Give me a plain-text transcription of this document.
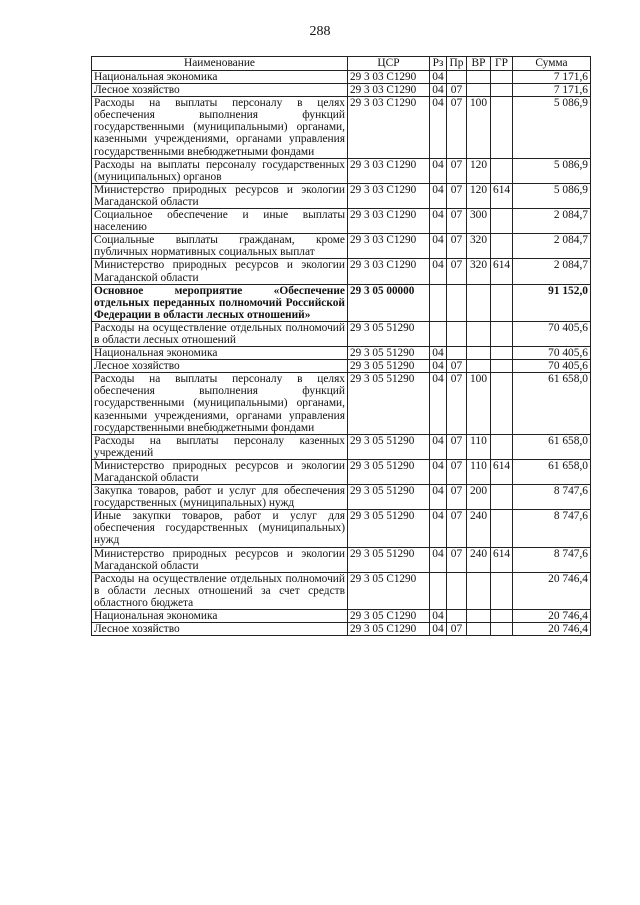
288
Наименование	ЦСР	Рз	Пр	ВР	ГР	Сумма
Национальная экономика	29 3 03 С1290	04				7 171,6
Лесное хозяйство	29 3 03 С1290	04	07			7 171,6
Расходы на выплаты персоналу в целях обеспечения выполнения функций государственными (муниципальными) органами, казенными учреждениями, органами управления государственными внебюджетными фондами	29 3 03 С1290	04	07	100		5 086,9
Расходы на выплаты персоналу государственных (муниципальных) органов	29 3 03 С1290	04	07	120		5 086,9
Министерство природных ресурсов и экологии Магаданской области	29 3 03 С1290	04	07	120	614	5 086,9
Социальное обеспечение и иные выплаты населению	29 3 03 С1290	04	07	300		2 084,7
Социальные выплаты гражданам, кроме публичных нормативных социальных выплат	29 3 03 С1290	04	07	320		2 084,7
Министерство природных ресурсов и экологии Магаданской области	29 3 03 С1290	04	07	320	614	2 084,7
Основное мероприятие «Обеспечение отдельных переданных полномочий Российской Федерации в области лесных отношений»	29 3 05 00000					91 152,0
Расходы на осуществление отдельных полномочий в области лесных отношений	29 3 05 51290					70 405,6
Национальная экономика	29 3 05 51290	04				70 405,6
Лесное хозяйство	29 3 05 51290	04	07			70 405,6
Расходы на выплаты персоналу в целях обеспечения выполнения функций государственными (муниципальными) органами, казенными учреждениями, органами управления государственными внебюджетными фондами	29 3 05 51290	04	07	100		61 658,0
Расходы на выплаты персоналу казенных учреждений	29 3 05 51290	04	07	110		61 658,0
Министерство природных ресурсов и экологии Магаданской области	29 3 05 51290	04	07	110	614	61 658,0
Закупка товаров, работ и услуг для обеспечения государственных (муниципальных) нужд	29 3 05 51290	04	07	200		8 747,6
Иные закупки товаров, работ и услуг для обеспечения государственных (муниципальных) нужд	29 3 05 51290	04	07	240		8 747,6
Министерство природных ресурсов и экологии Магаданской области	29 3 05 51290	04	07	240	614	8 747,6
Расходы на осуществление отдельных полномочий в области лесных отношений за счет средств областного бюджета	29 3 05 С1290					20 746,4
Национальная экономика	29 3 05 С1290	04				20 746,4
Лесное хозяйство	29 3 05 С1290	04	07			20 746,4
